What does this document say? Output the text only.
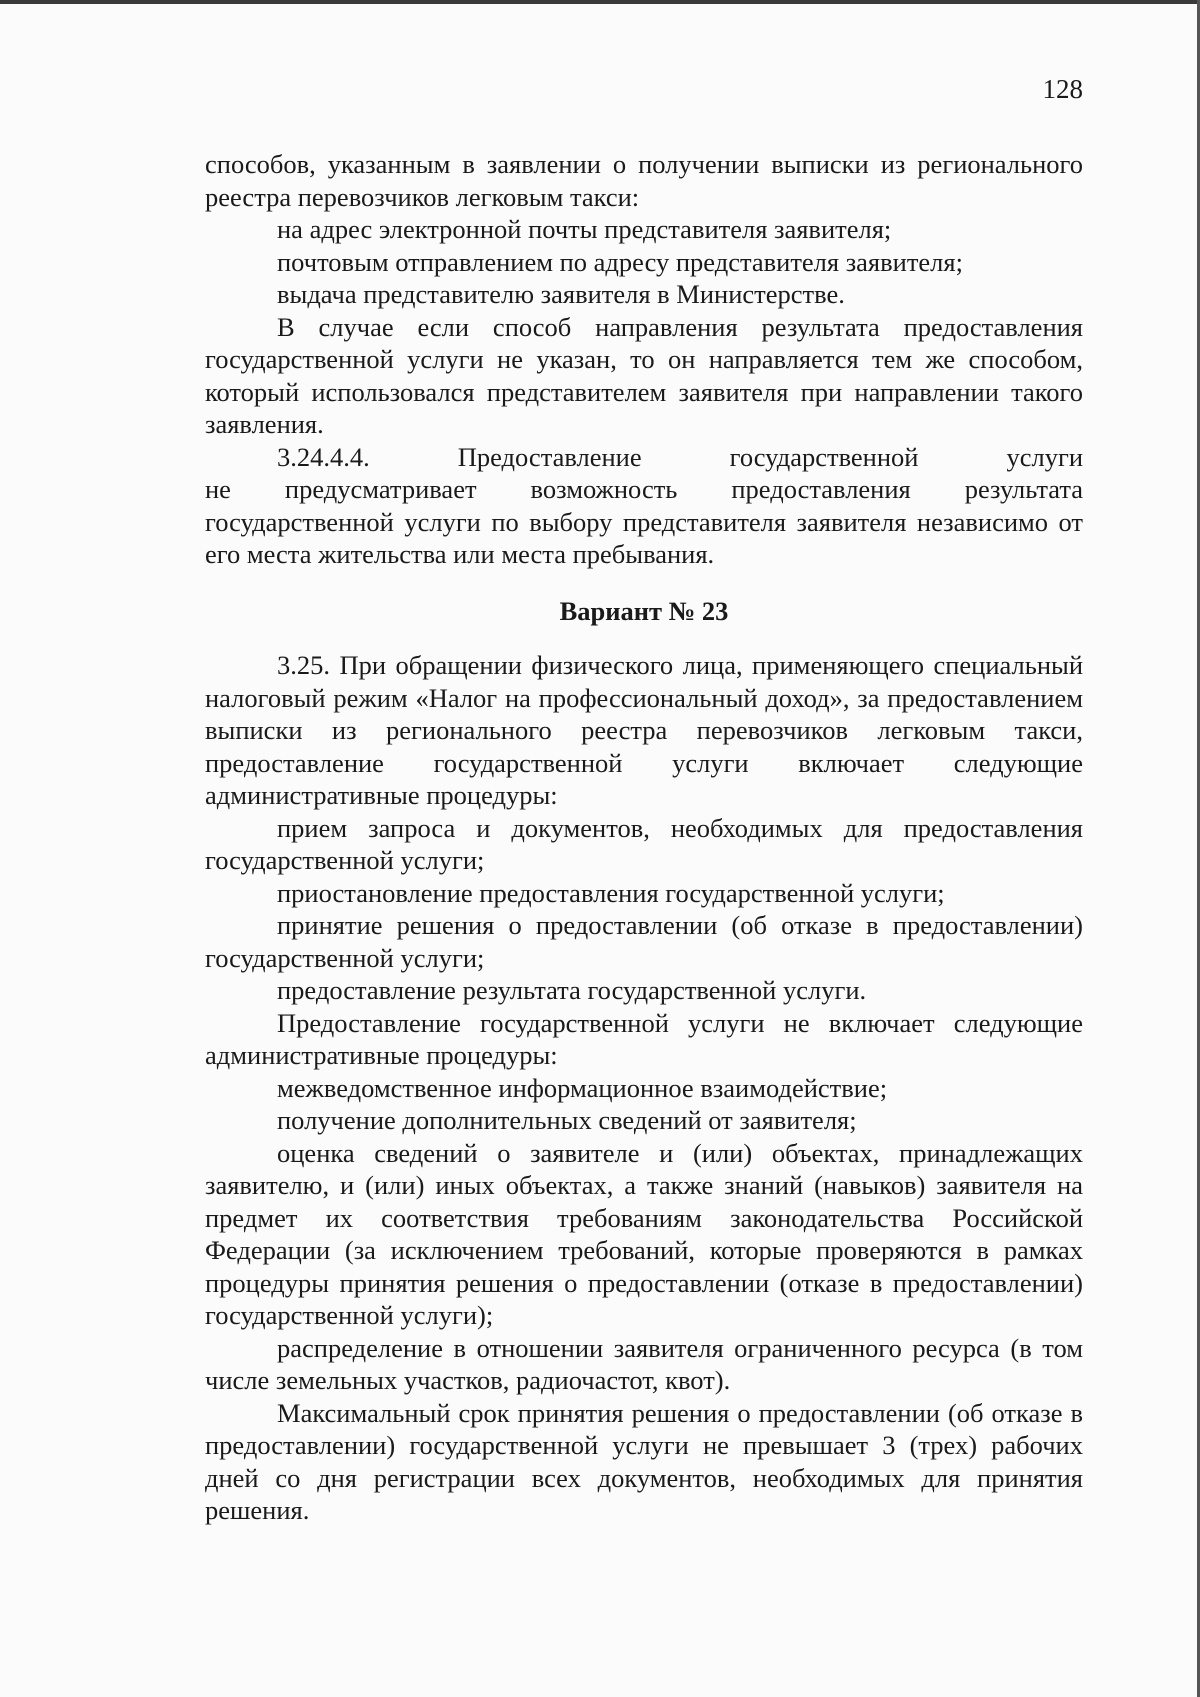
128

способов, указанным в заявлении о получении выписки из регионального реестра перевозчиков легковым такси:

на адрес электронной почты представителя заявителя;

почтовым отправлением по адресу представителя заявителя;

выдача представителю заявителя в Министерстве.

В случае если способ направления результата предоставления государственной услуги не указан, то он направляется тем же способом, который использовался представителем заявителя при направлении такого заявления.

3.24.4.4. Предоставление государственной услуги

не предусматривает возможность предоставления результата государственной услуги по выбору представителя заявителя независимо от его места жительства или места пребывания.

Вариант № 23

3.25. При обращении физического лица, применяющего специальный налоговый режим «Налог на профессиональный доход», за предоставлением выписки из регионального реестра перевозчиков легковым такси, предоставление государственной услуги включает следующие административные процедуры:

прием запроса и документов, необходимых для предоставления государственной услуги;

приостановление предоставления государственной услуги;

принятие решения о предоставлении (об отказе в предоставлении) государственной услуги;

предоставление результата государственной услуги.

Предоставление государственной услуги не включает следующие административные процедуры:

межведомственное информационное взаимодействие;

получение дополнительных сведений от заявителя;

оценка сведений о заявителе и (или) объектах, принадлежащих заявителю, и (или) иных объектах, а также знаний (навыков) заявителя на предмет их соответствия требованиям законодательства Российской Федерации (за исключением требований, которые проверяются в рамках процедуры принятия решения о предоставлении (отказе в предоставлении) государственной услуги);

распределение в отношении заявителя ограниченного ресурса (в том числе земельных участков, радиочастот, квот).

Максимальный срок принятия решения о предоставлении (об отказе в предоставлении) государственной услуги не превышает 3 (трех) рабочих дней со дня регистрации всех документов, необходимых для принятия решения.
